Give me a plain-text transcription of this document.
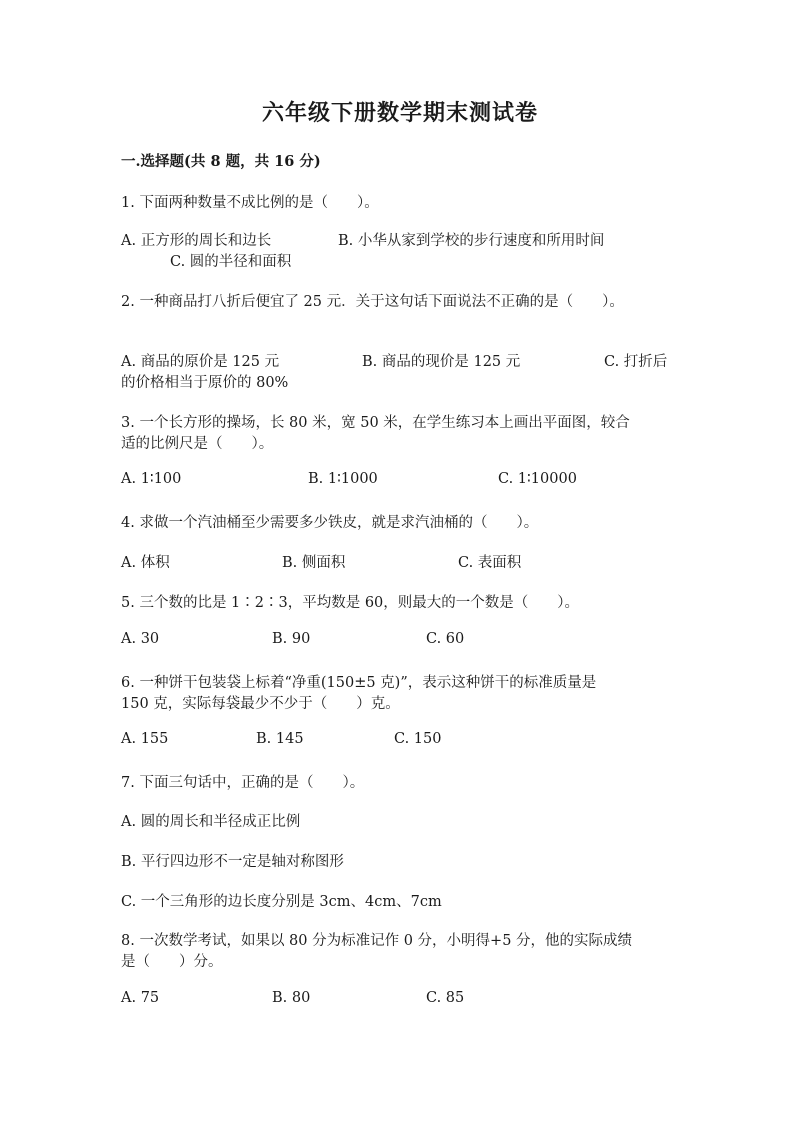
六年级下册数学期末测试卷
一.选择题(共 8 题，共 16 分)
1. 下面两种数量不成比例的是（　　）。
A. 正方形的周长和边长	B. 小华从家到学校的步行速度和所用时间
C. 圆的半径和面积
2. 一种商品打八折后便宜了 25 元．关于这句话下面说法不正确的是（　　）。
A. 商品的原价是 125 元	B. 商品的现价是 125 元	C. 打折后
的价格相当于原价的 80%
3. 一个长方形的操场，长 80 米，宽 50 米，在学生练习本上画出平面图，较合
适的比例尺是（　　）。
A. 1∶100	B. 1∶1000	C. 1∶10000
4. 求做一个汽油桶至少需要多少铁皮，就是求汽油桶的（　　）。
A. 体积	B. 侧面积	C. 表面积
5. 三个数的比是 1∶2∶3，平均数是 60，则最大的一个数是（　　）。
A. 30	B. 90	C. 60
6. 一种饼干包装袋上标着“净重(150±5 克)”，表示这种饼干的标准质量是
150 克，实际每袋最少不少于（　　）克。
A. 155	B. 145	C. 150
7. 下面三句话中，正确的是（　　）。
A. 圆的周长和半径成正比例
B. 平行四边形不一定是轴对称图形
C. 一个三角形的边长度分别是 3cm、4cm、7cm
8. 一次数学考试，如果以 80 分为标准记作 0 分，小明得+5 分，他的实际成绩
是（　　）分。
A. 75	B. 80	C. 85
